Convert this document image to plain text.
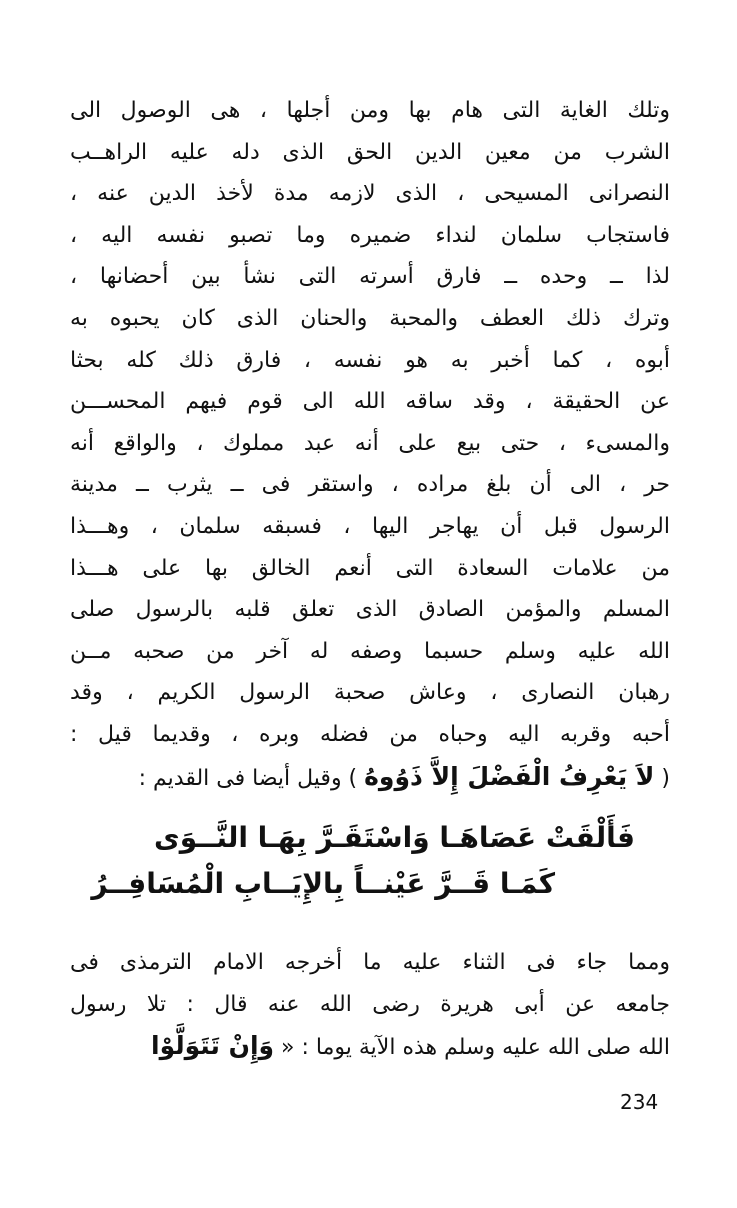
وتلك الغاية التى هام بها ومن أجلها ، هى الوصول الى
الشرب من معين الدين الحق الذى دله عليه الراهــب
النصرانى المسيحى ، الذى لازمه مدة لأخذ الدين عنه ،
فاستجاب سلمان لنداء ضميره وما تصبو نفسه اليه ،
لذا ــ وحده ــ فارق أسرته التى نشأ بين أحضانها ،
وترك ذلك العطف والمحبة والحنان الذى كان يحبوه به
أبوه ، كما أخبر به هو نفسه ، فارق ذلك كله بحثا
عن الحقيقة ، وقد ساقه الله الى قوم فيهم المحســـن
والمسىء ، حتى بيع على أنه عبد مملوك ، والواقع أنه
حر ، الى أن بلغ مراده ، واستقر فى ــ يثرب ــ مدينة
الرسول قبل أن يهاجر اليها ، فسبقه سلمان ، وهـــذا
من علامات السعادة التى أنعم الخالق بها على هـــذا
المسلم والمؤمن الصادق الذى تعلق قلبه بالرسول صلى
الله عليه وسلم حسبما وصفه له آخر من صحبه مــن
رهبان النصارى ، وعاش صحبة الرسول الكريم ، وقد
أحبه وقربه اليه وحباه من فضله وبره ، وقديما قيل :
( لاَ يَعْرِفُ الْفَضْلَ إِلاَّ ذَوُوهُ ) وقيل أيضا فى القديم :
فَأَلْقَتْ عَصَاهَـا وَاسْتَقَـرَّ بِهَـا النَّــوَى
كَمَـا قَــرَّ عَيْنــاً بِالإِيَــابِ الْمُسَافِــرُ
ومما جاء فى الثناء عليه ما أخرجه الامام الترمذى فى
جامعه عن أبى هريرة رضى الله عنه قال : تلا رسول
الله صلى الله عليه وسلم هذه الآية يوما : « وَإِنْ تَتَوَلَّوْا
234
